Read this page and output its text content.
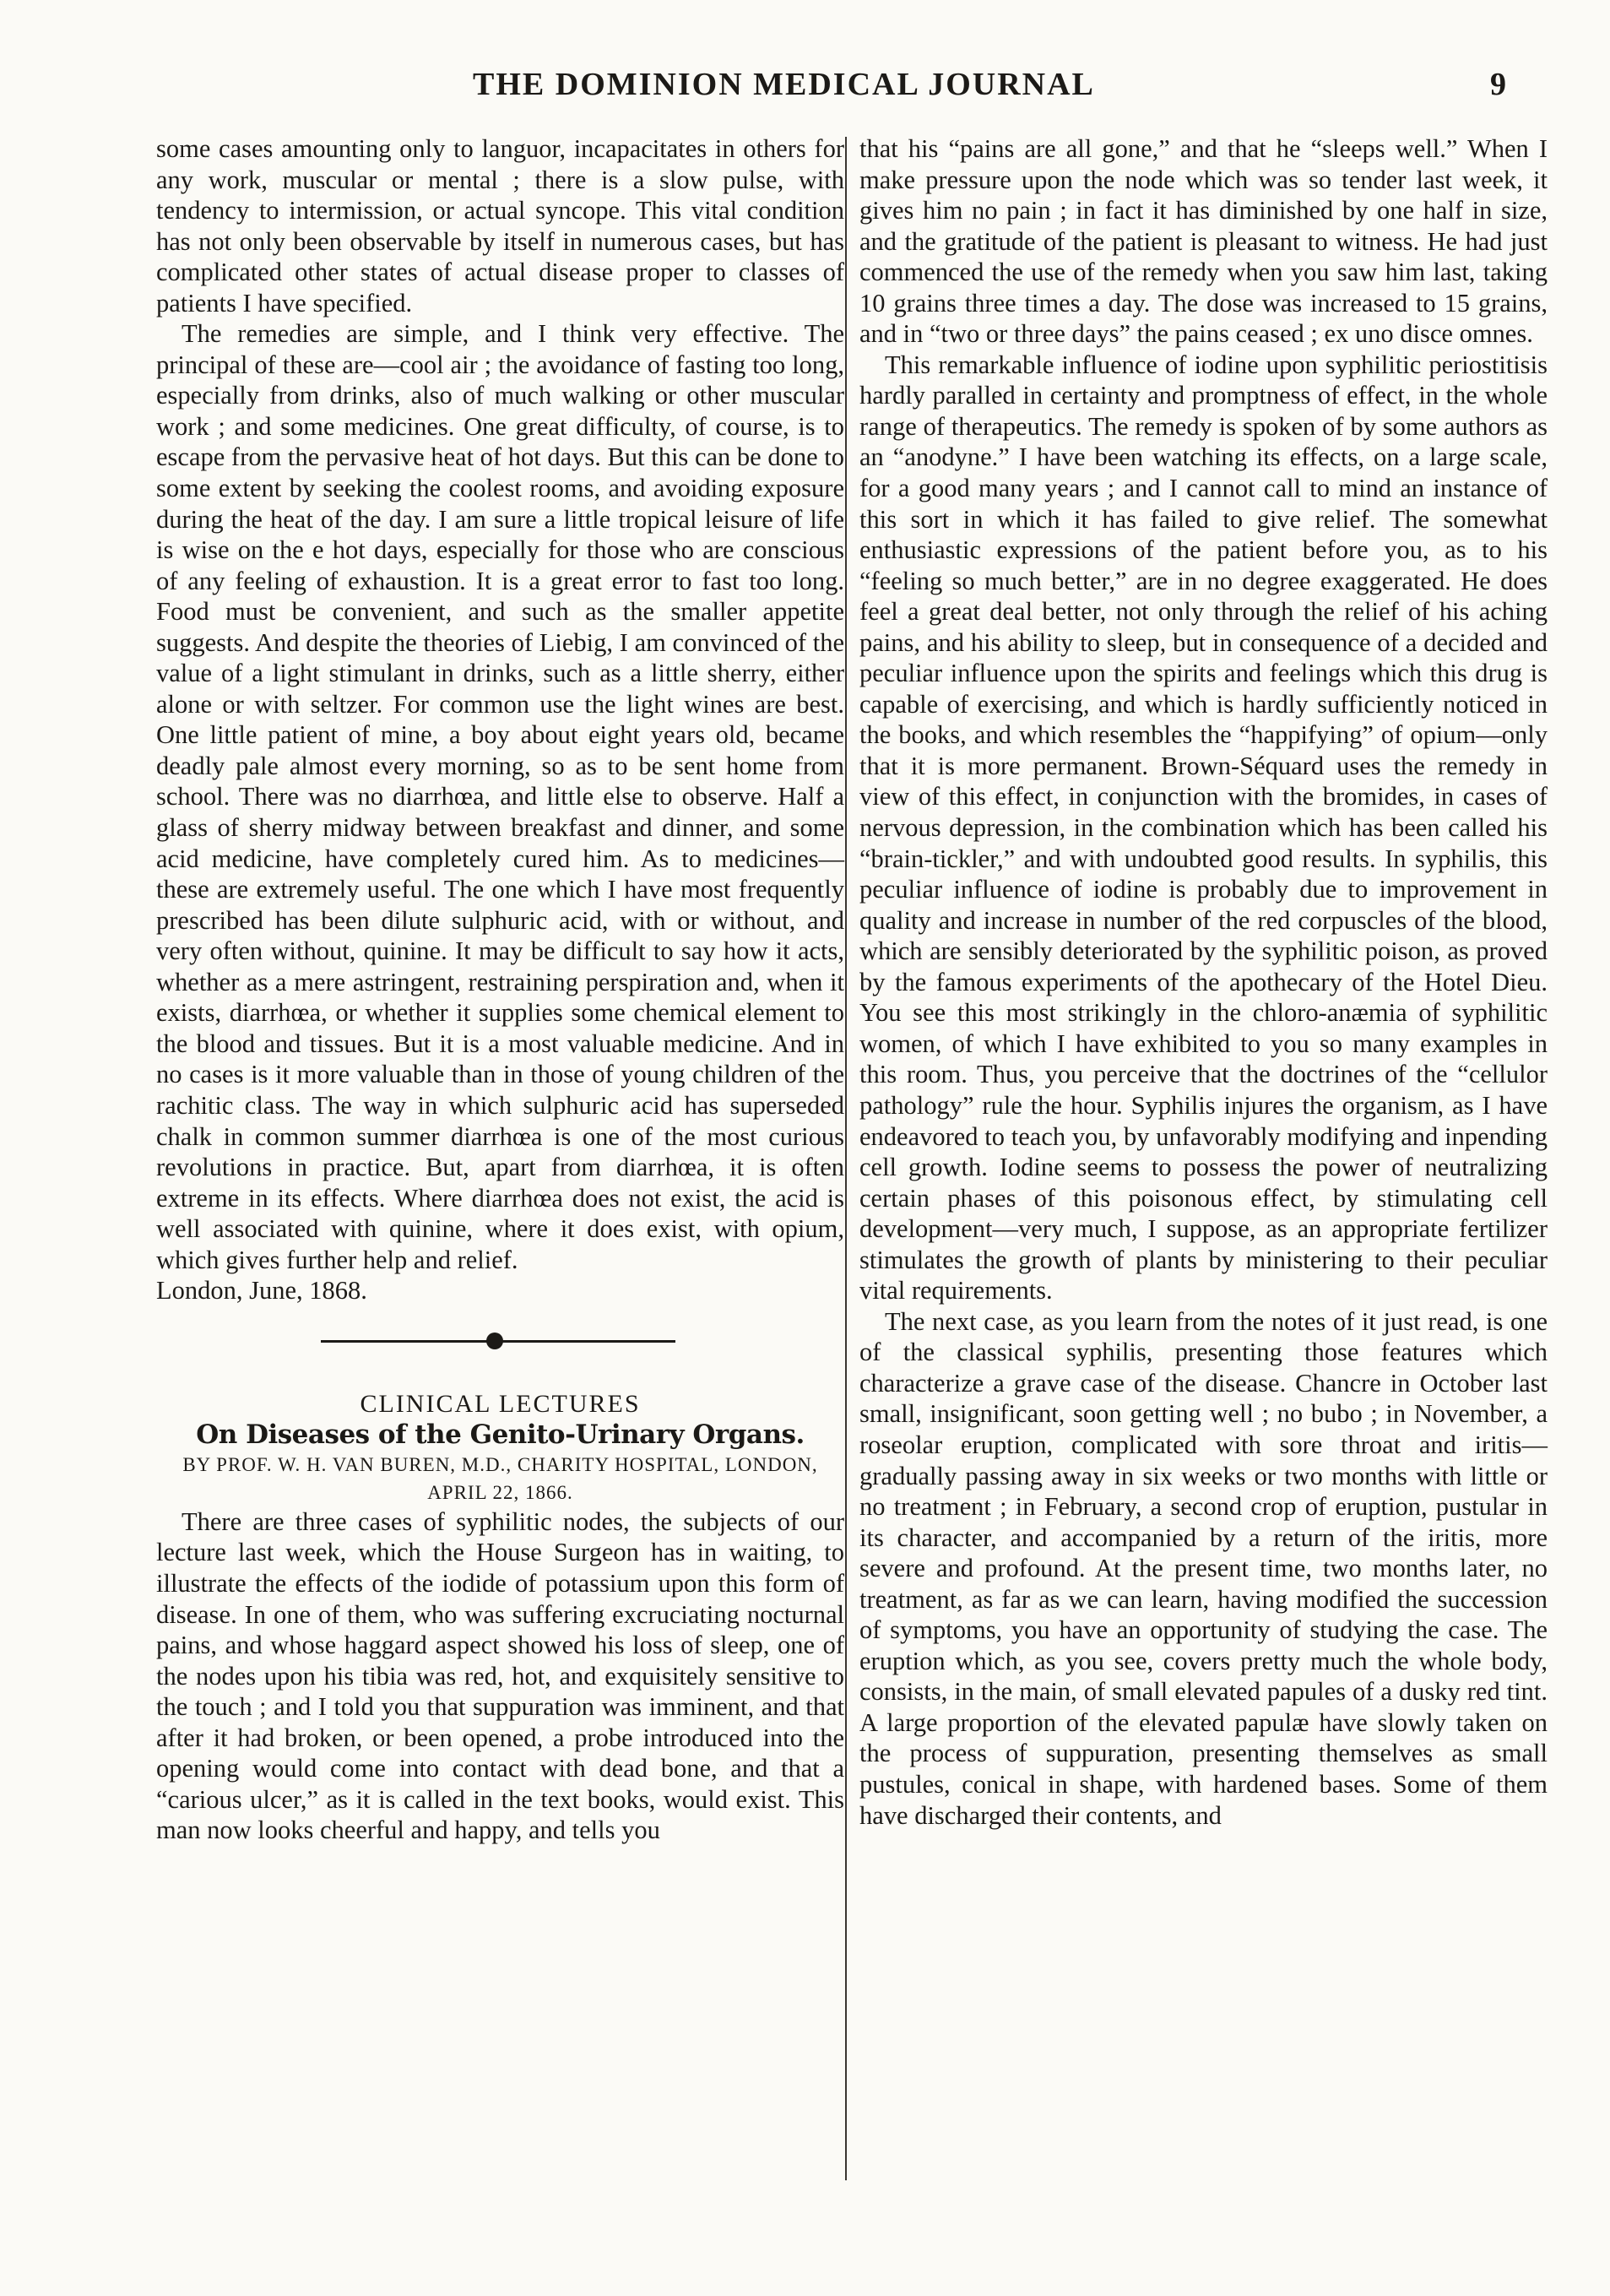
THE DOMINION MEDICAL JOURNAL	9

some cases amounting only to languor, incapacitates in others for any work, muscular or mental ; there is a slow pulse, with tendency to intermission, or actual syncope. This vital condition has not only been observable by itself in numerous cases, but has complicated other states of actual disease proper to classes of patients I have specified.

The remedies are simple, and I think very effective. The principal of these are—cool air ; the avoidance of fasting too long, especially from drinks, also of much walking or other muscular work ; and some medicines. One great difficulty, of course, is to escape from the pervasive heat of hot days. But this can be done to some extent by seeking the coolest rooms, and avoiding exposure during the heat of the day. I am sure a little tropical leisure of life is wise on the e hot days, especially for those who are conscious of any feeling of exhaustion. It is a great error to fast too long. Food must be convenient, and such as the smaller appetite suggests. And despite the theories of Liebig, I am convinced of the value of a light stimulant in drinks, such as a little sherry, either alone or with seltzer. For common use the light wines are best. One little patient of mine, a boy about eight years old, became deadly pale almost every morning, so as to be sent home from school. There was no diarrhœa, and little else to observe. Half a glass of sherry midway between breakfast and dinner, and some acid medicine, have completely cured him. As to medicines—these are extremely useful. The one which I have most frequently prescribed has been dilute sulphuric acid, with or without, and very often without, quinine. It may be difficult to say how it acts, whether as a mere astringent, restraining perspiration and, when it exists, diarrhœa, or whether it supplies some chemical element to the blood and tissues. But it is a most valuable medicine. And in no cases is it more valuable than in those of young children of the rachitic class. The way in which sulphuric acid has superseded chalk in common summer diarrhœa is one of the most curious revolutions in practice. But, apart from diarrhœa, it is often extreme in its effects. Where diarrhœa does not exist, the acid is well associated with quinine, where it does exist, with opium, which gives further help and relief.

London, June, 1868.

CLINICAL LECTURES

On Diseases of the Genito-Urinary Organs.

BY PROF. W. H. VAN BUREN, M.D., CHARITY HOSPITAL, LONDON, APRIL 22, 1866.

There are three cases of syphilitic nodes, the subjects of our lecture last week, which the House Surgeon has in waiting, to illustrate the effects of the iodide of potassium upon this form of disease. In one of them, who was suffering excruciating nocturnal pains, and whose haggard aspect showed his loss of sleep, one of the nodes upon his tibia was red, hot, and exquisitely sensitive to the touch ; and I told you that suppuration was imminent, and that after it had broken, or been opened, a probe introduced into the opening would come into contact with dead bone, and that a “carious ulcer,” as it is called in the text books, would exist. This man now looks cheerful and happy, and tells you

that his “pains are all gone,” and that he “sleeps well.” When I make pressure upon the node which was so tender last week, it gives him no pain ; in fact it has diminished by one half in size, and the gratitude of the patient is pleasant to witness. He had just commenced the use of the remedy when you saw him last, taking 10 grains three times a day. The dose was increased to 15 grains, and in “two or three days” the pains ceased ; ex uno disce omnes.

This remarkable influence of iodine upon syphilitic periostitisis hardly paralled in certainty and promptness of effect, in the whole range of therapeutics. The remedy is spoken of by some authors as an “anodyne.” I have been watching its effects, on a large scale, for a good many years ; and I cannot call to mind an instance of this sort in which it has failed to give relief. The somewhat enthusiastic expressions of the patient before you, as to his “feeling so much better,” are in no degree exaggerated. He does feel a great deal better, not only through the relief of his aching pains, and his ability to sleep, but in consequence of a decided and peculiar influence upon the spirits and feelings which this drug is capable of exercising, and which is hardly sufficiently noticed in the books, and which resembles the “happifying” of opium—only that it is more permanent. Brown-Séquard uses the remedy in view of this effect, in conjunction with the bromides, in cases of nervous depression, in the combination which has been called his “brain-tickler,” and with undoubted good results. In syphilis, this peculiar influence of iodine is probably due to improvement in quality and increase in number of the red corpuscles of the blood, which are sensibly deteriorated by the syphilitic poison, as proved by the famous experiments of the apothecary of the Hotel Dieu. You see this most strikingly in the chloro-anæmia of syphilitic women, of which I have exhibited to you so many examples in this room. Thus, you perceive that the doctrines of the “cellulor pathology” rule the hour. Syphilis injures the organism, as I have endeavored to teach you, by unfavorably modifying and inpending cell growth. Iodine seems to possess the power of neutralizing certain phases of this poisonous effect, by stimulating cell development—very much, I suppose, as an appropriate fertilizer stimulates the growth of plants by ministering to their peculiar vital requirements.

The next case, as you learn from the notes of it just read, is one of the classical syphilis, presenting those features which characterize a grave case of the disease. Chancre in October last small, insignificant, soon getting well ; no bubo ; in November, a roseolar eruption, complicated with sore throat and iritis—gradually passing away in six weeks or two months with little or no treatment ; in February, a second crop of eruption, pustular in its character, and accompanied by a return of the iritis, more severe and profound. At the present time, two months later, no treatment, as far as we can learn, having modified the succession of symptoms, you have an opportunity of studying the case. The eruption which, as you see, covers pretty much the whole body, consists, in the main, of small elevated papules of a dusky red tint. A large proportion of the elevated papulæ have slowly taken on the process of suppuration, presenting themselves as small pustules, conical in shape, with hardened bases. Some of them have discharged their contents, and
